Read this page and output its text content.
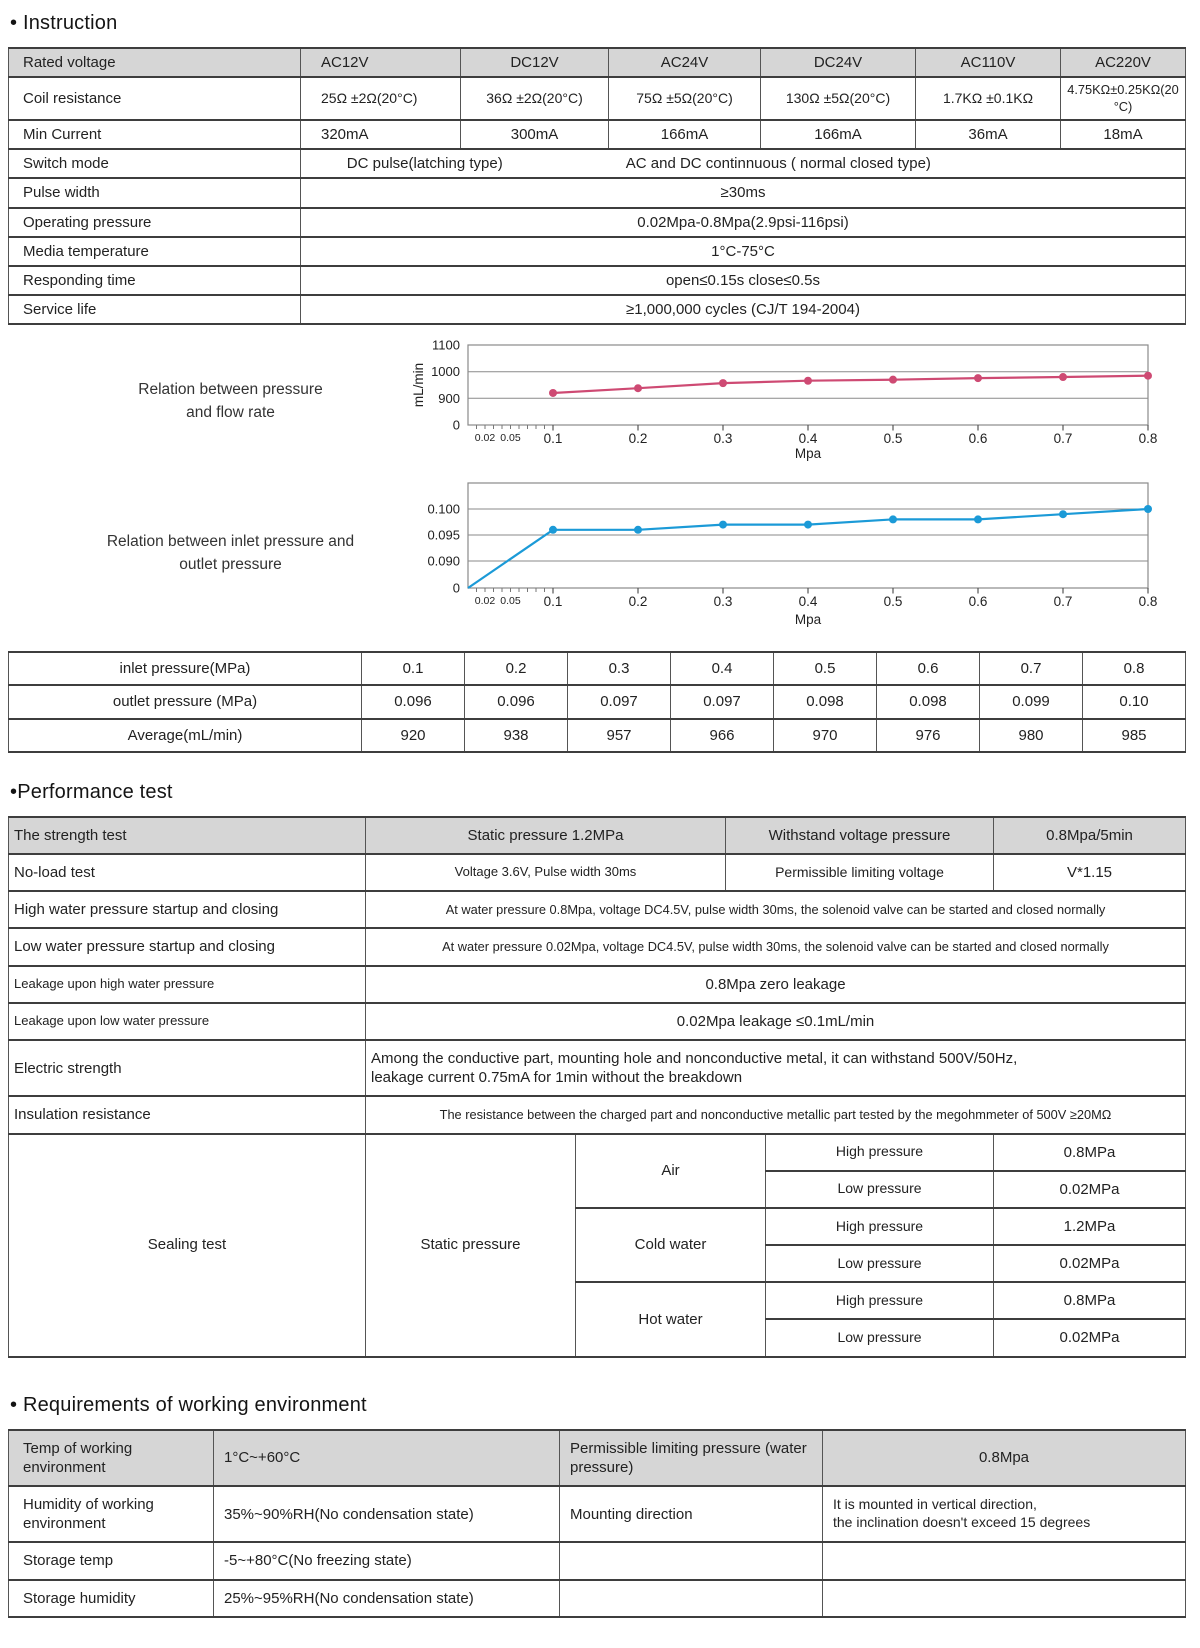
• Instruction
Rated voltage	AC12V	DC12V	AC24V	DC24V	AC110V	AC220V
Coil resistance	25Ω ±2Ω(20°C)	36Ω ±2Ω(20°C)	75Ω ±5Ω(20°C)	130Ω ±5Ω(20°C)	1.7KΩ ±0.1KΩ	4.75KΩ±0.25KΩ(20°C)
Min Current	320mA	300mA	166mA	166mA	36mA	18mA
Switch mode	DC pulse(latching type) AC and DC continnuous ( normal closed type)					
Pulse width	≥30ms					
Operating pressure	0.02Mpa-0.8Mpa(2.9psi-116psi)					
Media temperature	1°C-75°C					
Responding time	open≤0.15s close≤0.5s					
Service life	≥1,000,000 cycles (CJ/T 194-2004)					
Relation between pressure
and flow rate
0
900
1000
1100
0.02 0.05 0.1	0.2	0.3	0.4	0.5	0.6	0.7	0.8
mL/min
Mpa
Relation between inlet pressure and
outlet pressure
0
0.090
0.095
0.100
0.02 0.05 0.1	0.2	0.3	0.4	0.5	0.6	0.7	0.8
Mpa
inlet pressure(MPa)	0.1	0.2	0.3	0.4	0.5	0.6	0.7	0.8
outlet pressure (MPa)	0.096	0.096	0.097	0.097	0.098	0.098	0.099	0.10
Average(mL/min)	920	938	957	966	970	976	980	985
•Performance test
The strength test	Static pressure 1.2MPa		Withstand voltage pressure		0.8Mpa/5min
No-load test	Voltage 3.6V, Pulse width 30ms		Permissible limiting voltage		V*1.15
High water pressure startup and closing	At water pressure 0.8Mpa, voltage DC4.5V, pulse width 30ms, the solenoid valve can be started and closed normally				
Low water pressure startup and closing	At water pressure 0.02Mpa, voltage DC4.5V, pulse width 30ms, the solenoid valve can be started and closed normally				
Leakage upon high water pressure	0.8Mpa zero leakage				
Leakage upon low water pressure	0.02Mpa leakage ≤0.1mL/min				
Electric strength	Among the conductive part, mounting hole and nonconductive metal, it can withstand 500V/50Hz,
leakage current 0.75mA for 1min without the breakdown				

Insulation resistance	The resistance between the charged part and nonconductive metallic part tested by the megohmmeter of 500V ≥20MΩ				
Sealing test	Static pressure	Air		High pressure	0.8MPa
				Low pressure	0.02MPa
		Cold water		High pressure	1.2MPa
				Low pressure	0.02MPa
		Hot water		High pressure	0.8MPa
				Low pressure	0.02MPa
• Requirements of working environment
Temp of working environment	1°C~+60°C	Permissible limiting pressure (water pressure)	0.8Mpa
Humidity of working environment	35%~90%RH(No condensation state)	Mounting direction	It is mounted in vertical direction,
the inclination doesn't exceed 15 degrees

Storage temp	-5~+80°C(No freezing state)		
Storage humidity	25%~95%RH(No condensation state)		
